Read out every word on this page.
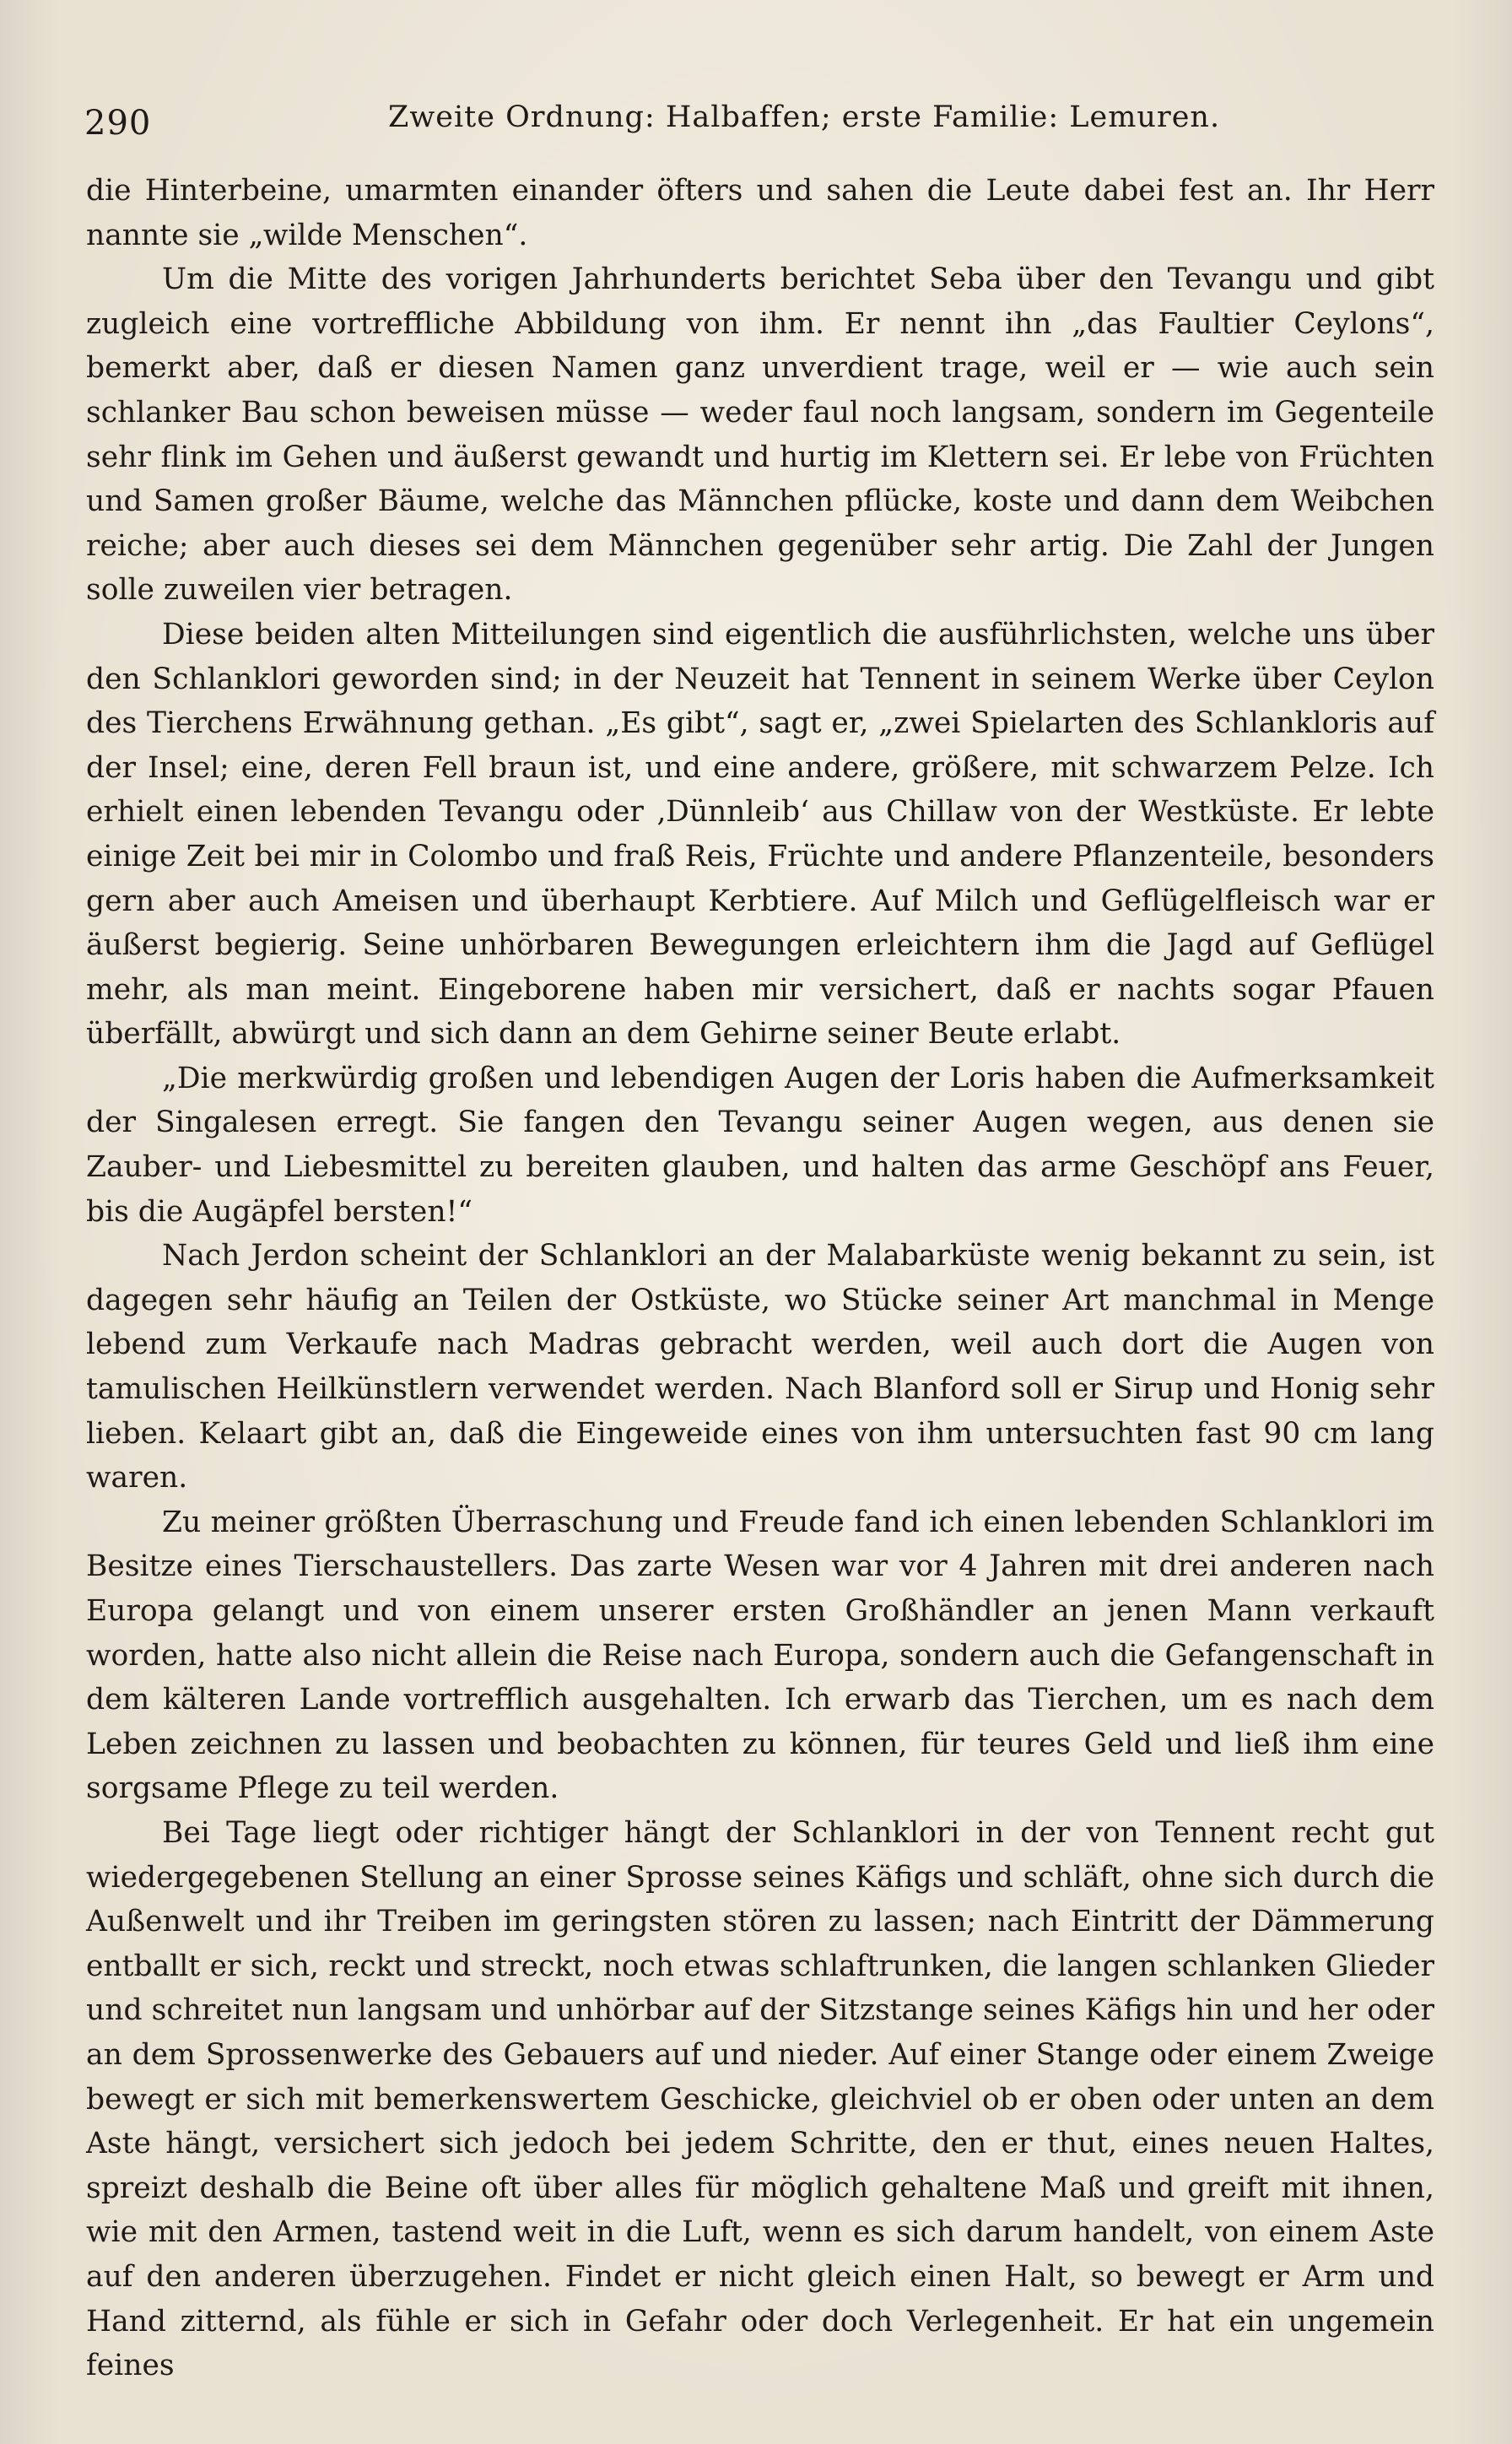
290	Zweite Ordnung: Halbaffen; erste Familie: Lemuren.

die Hinterbeine, umarmten einander öfters und sahen die Leute dabei fest an. Ihr Herr nannte sie „wilde Menschen“.

Um die Mitte des vorigen Jahrhunderts berichtet Seba über den Tevangu und gibt zugleich eine vortreffliche Abbildung von ihm. Er nennt ihn „das Faultier Ceylons“, bemerkt aber, daß er diesen Namen ganz unverdient trage, weil er — wie auch sein schlanker Bau schon beweisen müsse — weder faul noch langsam, sondern im Gegenteile sehr flink im Gehen und äußerst gewandt und hurtig im Klettern sei. Er lebe von Früchten und Samen großer Bäume, welche das Männchen pflücke, koste und dann dem Weibchen reiche; aber auch dieses sei dem Männchen gegenüber sehr artig. Die Zahl der Jungen solle zuweilen vier betragen.

Diese beiden alten Mitteilungen sind eigentlich die ausführlichsten, welche uns über den Schlanklori geworden sind; in der Neuzeit hat Tennent in seinem Werke über Ceylon des Tierchens Erwähnung gethan. „Es gibt“, sagt er, „zwei Spielarten des Schlankloris auf der Insel; eine, deren Fell braun ist, und eine andere, größere, mit schwarzem Pelze. Ich erhielt einen lebenden Tevangu oder ‚Dünnleib‘ aus Chillaw von der Westküste. Er lebte einige Zeit bei mir in Colombo und fraß Reis, Früchte und andere Pflanzenteile, besonders gern aber auch Ameisen und überhaupt Kerbtiere. Auf Milch und Geflügelfleisch war er äußerst begierig. Seine unhörbaren Bewegungen erleichtern ihm die Jagd auf Geflügel mehr, als man meint. Eingeborene haben mir versichert, daß er nachts sogar Pfauen überfällt, abwürgt und sich dann an dem Gehirne seiner Beute erlabt.

„Die merkwürdig großen und lebendigen Augen der Loris haben die Aufmerksamkeit der Singalesen erregt. Sie fangen den Tevangu seiner Augen wegen, aus denen sie Zauber- und Liebesmittel zu bereiten glauben, und halten das arme Geschöpf ans Feuer, bis die Augäpfel bersten!“

Nach Jerdon scheint der Schlanklori an der Malabarküste wenig bekannt zu sein, ist dagegen sehr häufig an Teilen der Ostküste, wo Stücke seiner Art manchmal in Menge lebend zum Verkaufe nach Madras gebracht werden, weil auch dort die Augen von tamulischen Heilkünstlern verwendet werden. Nach Blanford soll er Sirup und Honig sehr lieben. Kelaart gibt an, daß die Eingeweide eines von ihm untersuchten fast 90 cm lang waren.

Zu meiner größten Überraschung und Freude fand ich einen lebenden Schlanklori im Besitze eines Tierschaustellers. Das zarte Wesen war vor 4 Jahren mit drei anderen nach Europa gelangt und von einem unserer ersten Großhändler an jenen Mann verkauft worden, hatte also nicht allein die Reise nach Europa, sondern auch die Gefangenschaft in dem kälteren Lande vortrefflich ausgehalten. Ich erwarb das Tierchen, um es nach dem Leben zeichnen zu lassen und beobachten zu können, für teures Geld und ließ ihm eine sorgsame Pflege zu teil werden.

Bei Tage liegt oder richtiger hängt der Schlanklori in der von Tennent recht gut wiedergegebenen Stellung an einer Sprosse seines Käfigs und schläft, ohne sich durch die Außenwelt und ihr Treiben im geringsten stören zu lassen; nach Eintritt der Dämmerung entballt er sich, reckt und streckt, noch etwas schlaftrunken, die langen schlanken Glieder und schreitet nun langsam und unhörbar auf der Sitzstange seines Käfigs hin und her oder an dem Sprossenwerke des Gebauers auf und nieder. Auf einer Stange oder einem Zweige bewegt er sich mit bemerkenswertem Geschicke, gleichviel ob er oben oder unten an dem Aste hängt, versichert sich jedoch bei jedem Schritte, den er thut, eines neuen Haltes, spreizt deshalb die Beine oft über alles für möglich gehaltene Maß und greift mit ihnen, wie mit den Armen, tastend weit in die Luft, wenn es sich darum handelt, von einem Aste auf den anderen überzugehen. Findet er nicht gleich einen Halt, so bewegt er Arm und Hand zitternd, als fühle er sich in Gefahr oder doch Verlegenheit. Er hat ein ungemein feines
